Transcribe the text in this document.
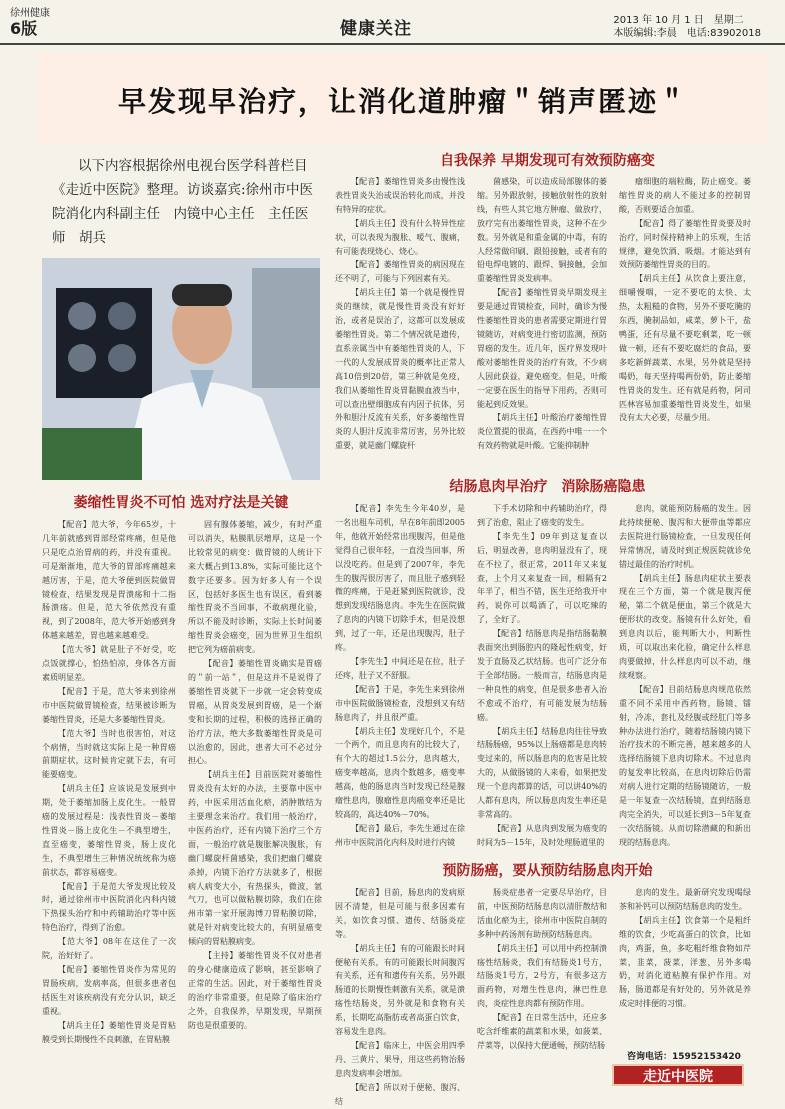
徐州健康
6版	健康关注	2013 年 10 月 1 日　星期二
本版编辑:李晨　电话:83902018
早发现早治疗，让消化道肿瘤＂销声匿迹＂
以下内容根据徐州电视台医学科普栏目《走近中医院》整理。访谈嘉宾:徐州市中医院消化内科副主任　内镜中心主任　主任医师　胡兵
自我保养 早期发现可有效预防癌变

【配音】萎缩性胃炎多由慢性浅表性胃炎失治或误治转化而成，并没有特异的症状。

【胡兵主任】没有什么特异性症状，可以表现为腹胀、嗳气、腹痛，有可能表现烧心、烧心。

【配音】萎缩性胃炎的病因现在还不明了，可能与下列因素有关。

【胡兵主任】第一个就是慢性胃炎的继续，就是慢性胃炎没有好好治，或者是误治了，这都可以发展成萎缩性胃炎。第二个情况就是遗传，直系亲属当中有萎缩性胃炎的人，下一代的人发展成胃炎的概率比正常人高10倍到20倍，第三种就是免疫，我们从萎缩性胃炎胃黏膜血液当中，可以查出壁细胞成有内因子抗体，另外和胆汁反流有关系，好多萎缩性胃炎的人胆汁反流非常厉害，另外比较重要，就是幽门螺旋杆

菌感染，可以造成局部腺体的萎缩。另外跟放射，接触放射性的放射线，有些人其它地方肿瘤、做放疗，放疗完有出萎缩性胃炎，这种不在少数。另外就是和重金属的中毒，有的人经常做印刷、跟铅接触，或者有的铅电焊电镀的、跟焊、铜接触，会加重萎缩性胃炎发病率。

【配音】萎缩性胃炎早期发现主要是通过胃镜检查，同时，确诊为慢性萎缩性胃炎的患者需要定期进行胃镜随访，对病变进行密切监测，预防胃癌的发生。近几年，医疗界发现叶酸对萎缩性胃炎的治疗有效，不少病人因此获益，避免癌变。但是，叶酸一定要在医生的指导下用药，否则可能起到反效果。

【胡兵主任】叶酸治疗萎缩性胃炎位置提的很高，在西药中唯一一个有效药物就是叶酸。它能抑制肿

瘤细胞的端粒酶，防止癌变。萎缩性胃炎的病人不能过多的控制胃酸，否则要适合加重。

【配音】得了萎缩性胃炎要及时治疗，同时保持精神上的乐观，生活规律，避免饮酒、吸烟。才能达到有效预防萎缩性胃炎的目的。

【胡兵主任】从饮食上要注意，细嚼慢咽，一定不要吃的太快、太热，太粗糙的食物，另外不要吃腌的东西，腌制品如，咸菜，萝卜干，盐鸭蛋，还有尽量不要吃剩菜，吃一顿做一顿，还有不要吃腐烂的食品，要多吃新鲜蔬菜、水果，另外就是坚持喝奶，每天坚持喝两份奶，防止萎缩性胃炎的发生。还有就是药物，阿司匹林容易加重萎缩性胃炎发生，如果没有太大必要，尽量少用。

萎缩性胃炎不可怕 选对疗法是关键

【配音】范大爷，今年65岁，十几年前就感到胃部经常疼痛，但是他只是吃点治胃病的药，并没有重视。可是渐渐地，范大爷的胃部疼痛越来越厉害，于是，范大爷便到医院做胃镜检查，结果发现是胃溃疡和十二指肠溃疡。但是，范大爷依然没有重视，到了2008年，范大爷开始感到身体越来越差，胃也越来越难受。

【范大爷】就是肚子不好受，吃点饭就撑心，怕热怕凉，身体各方面素质明显差。

【配音】于是，范大爷来到徐州市中医院做胃镜检查，结果被诊断为萎缩性胃炎，还是大多萎缩性胃炎。

【范大爷】当时也很害怕，对这个病情，当时就这实际上是一种胃癌前期症状，这时候肯定就下去，有可能要癌变。

【胡兵主任】应该说是发展到中期，处于萎缩加肠上皮化生。一般胃癌的发展过程是：浅表性胃炎－萎缩性胃炎－肠上皮化生－不典型增生，直至癌变，萎缩性胃炎，肠上皮化生，不典型增生三种情况统统称为癌前状态，都容易癌变。

【配音】于是范大爷发现比较及时，通过徐州市中医院消化内科内镜下热探头治疗和中药辅助治疗等中医特色治疗，得到了治愈。

【范大爷】08年在这住了一次院，治好好了。

【配音】萎缩性胃炎作为常见的胃肠疾病，发病率高，但很多患者包括医生对该疾病没有充分认识，缺乏重视。

【胡兵主任】萎缩性胃炎是胃粘膜受到长期慢性不良刺激，在胃粘膜

固有腺体萎缩，减少，有时严重可以消失，粘膜肌层增厚，这是一个比较常见的病变：做胃镜的人统计下来大概占到13.8%，实际可能比这个数字还要多。因为好多人有一个误区，包括好多医生也有误区，看到萎缩性胃炎不当回事，不敢病理化验，所以不能及时诊断，实际上长时间萎缩性胃炎会癌变，因为世界卫生组织把它列为癌前病变。

【配音】萎缩性胃炎确实是胃癌的＂前一站＂，但是这并不是说得了萎缩性胃炎就下一步就一定会转变成胃癌，从胃炎发展到胃癌，是一个渐变和长期的过程，积极的选择正确的治疗方法，绝大多数萎缩性胃炎是可以治愈的，因此，患者大可不必过分担心。

【胡兵主任】目前医院对萎缩性胃炎没有太好的办法，主要靠中医中药，中医采用活血化瘀，消肿散结为主要理念来治疗。我们用一般治疗，中医药治疗，还有内镜下治疗三个方面，一般治疗就是腹胀解决腹胀，有幽门螺旋杆菌感染，我们把幽门螺旋杀掉，内镜下治疗方法就多了，根据病人病变大小，有热探头，微波，氩气刀，也可以做粘膜切除，我们在徐州市第一家开展海博刀胃粘膜切除，就是针对病变比较大的，有明显癌变倾向的胃粘膜病变。

【主持】萎缩性胃炎不仅对患者的身心健康造成了影响，甚至影响了正常的生活。因此，对于萎缩性胃炎的治疗非常重要，但是除了临床治疗之外，自我保养，早期发现，早期预防也是很重要的。

结肠息肉早治疗　消除肠癌隐患

【配音】李先生今年40岁，是一名出租车司机，早在8年前即2005年，他就开始经常出现腹泻，但是他觉得自己很年轻，一直没当回事，所以没吃药。但是到了2007年，李先生的腹泻很厉害了，而且肚子感到轻微的疼痛，于是赶紧到医院就诊，没想到发现结肠息肉。李先生在医院做了息肉的内镜下切除手术，但是没想到，过了一年，还是出现腹泻，肚子疼。

【李先生】中间还是在拉，肚子还疼，肚子又不舒服。

【配音】于是，李先生来到徐州市中医院做肠镜检查，没想到又有结肠息肉了，并且很严重。

【胡兵主任】发现好几个，不是一个两个，而且息肉有的比较大了，有个大的超过1.5公分，息肉越大，癌变率越高，息肉个数越多，癌变率越高，他的肠息肉当时发现已经是腺瘤性息肉，腺瘤性息肉癌变率还是比较高的，高达40%－70%。

【配音】最后，李先生通过在徐州市中医院消化内科及时进行内镜

下手术切除和中药辅助治疗，得到了治愈，阻止了癌变的发生。

【李先生】09年到这复查以后，明显改善，息肉明显没有了，现在不拉了，很正常，2011年又来复查，上个月又来复查一回，相隔有2年半了，相当不错，医生还给我开中药，说你可以喝酒了，可以吃辣的了，全好了。

【配音】结肠息肉是指结肠黏膜表面突出到肠腔内的隆起性病变，好发于直肠及乙状结肠。也可广泛分布于全部结肠。一般而言，结肠息肉是一种良性的病变，但是很多患者入治不愈或不治疗，有可能发展为结肠癌。

【胡兵主任】结肠息肉往往导致结肠肠癌，95%以上肠癌都是息肉转变过来的，所以肠息肉的危害是比较大的，从做肠镜的人来看，如果把发现一个息肉都算的话，可以讲40%的人都有息肉，所以肠息肉发生率还是非常高的。

【配音】从息肉到发展为癌变的时间为5－15年，及时处理肠道里的

息肉，就能预防肠癌的发生。因此持续便秘、腹泻和大便带血等都应去医院进行肠镜检查，一旦发现任何异常情况，请及时到正规医院就诊免错过最佳的治疗时机。

【胡兵主任】肠息肉症状主要表现在三个方面，第一个就是腹泻便秘，第二个就是便血，第三个就是大便形状的改变。肠镜有什么好处，看到息肉以后，能判断大小，判断性质，可以取出来化验，确定什么样息肉要做掉，什么样息肉可以不动，继续观察。

【配音】目前结肠息肉规范依然重不同不采用中西药物，肠镜、镭射，冷冻，套扎及经腹或经肛门等多种办法进行治疗，随着结肠镜内镜下治疗技术的不断完善，越来越多的人选择结肠镜下息肉切除术。不过息肉的复发率比较高，在息肉切除后仍需对病人进行定期的结肠镜随访，一般是一年复查一次结肠镜，直到结肠息肉完全消失，可以延长到3－5年复查一次结肠镜。从而切除潜藏的和新出现的结肠息肉。

预防肠癌，要从预防结肠息肉开始

【配音】目前，肠息肉的发病原因不清楚，但是可能与很多因素有关，如饮食习惯、遗传、结肠炎症等。

【胡兵主任】有的可能跟长时间便秘有关系，有的可能跟长时间腹泻有关系，还有和遗传有关系，另外跟肠道的长期慢性刺激有关系，就是溃疡性结肠炎，另外就是和食物有关系，长期吃高脂肪或者高蛋白饮食，容易发生息肉。

【配音】临床上，中医会用四季丹、三黄片、果导，用这些药物治肠息肉发病率会增加。

【配音】所以对于便秘、腹泻、结

肠炎症患者一定要尽早治疗，目前，中医预防结肠息肉以清肝散结和活血化瘀为主，徐州市中医院自制的多种中药汤剂有助预防结肠息肉。

【胡兵主任】可以用中药控制溃疡性结肠炎，我们有结肠炎1号方，结肠炎1号方，2号方，有很多这方面药物，对增生性息肉，淋巴性息肉，炎症性息肉都有预防作用。

【配音】在日常生活中，还应多吃含纤维素的蔬菜和水果，如菠菜、芹菜等，以保持大便通畅，预防结肠

息肉的发生。最新研究发现喝绿茶和补钙可以预防结肠息肉的发生。

【胡兵主任】饮食第一个是粗纤维的饮食，少吃高蛋白的饮食，比如肉，鸡蛋，鱼，多吃粗纤维食物如芹菜，韭菜，菠菜，洋葱，另外多喝奶，对消化道粘膜有保护作用。对肠，肠道都是有好处的，另外就是养成定时排便的习惯。

咨询电话：15952153420
走近中医院
